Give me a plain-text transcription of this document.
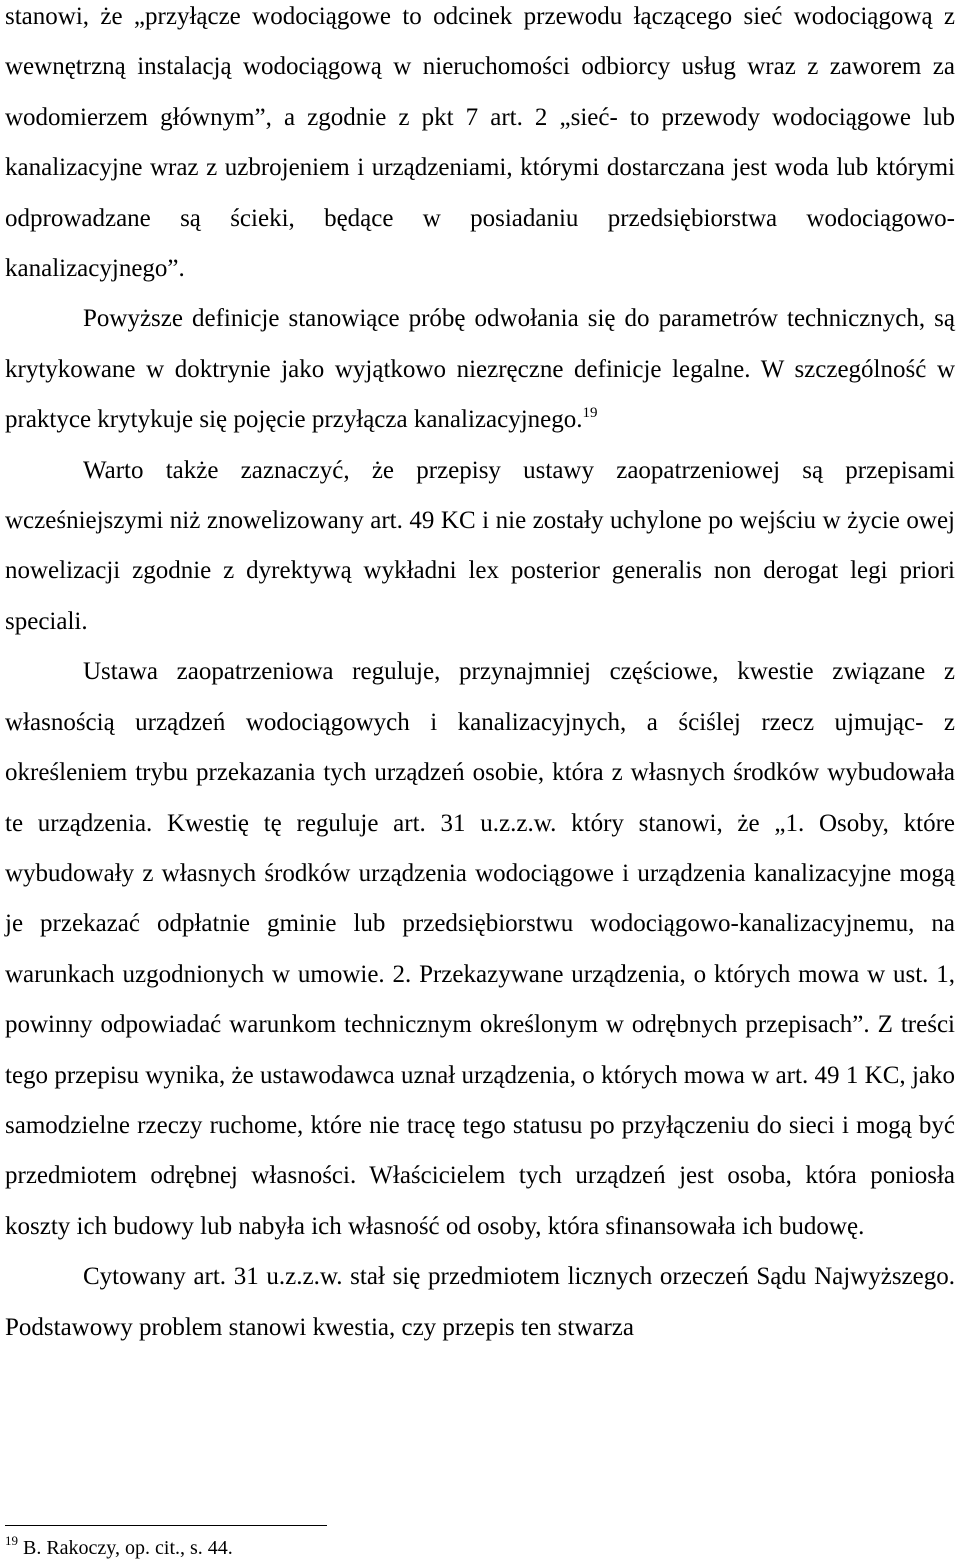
stanowi, że „przyłącze wodociągowe to odcinek przewodu łączącego sieć wodociągową z wewnętrzną instalacją wodociągową w nieruchomości odbiorcy usług wraz z zaworem za wodomierzem głównym”, a zgodnie z pkt 7 art. 2 „sieć- to przewody wodociągowe lub kanalizacyjne wraz z uzbrojeniem i urządzeniami, którymi dostarczana jest woda lub którymi odprowadzane są ścieki, będące w posiadaniu przedsiębiorstwa wodociągowo-kanalizacyjnego”.

Powyższe definicje stanowiące próbę odwołania się do parametrów technicznych, są krytykowane w doktrynie jako wyjątkowo niezręczne definicje legalne. W szczególność w praktyce krytykuje się pojęcie przyłącza kanalizacyjnego.$^{19}$

Warto także zaznaczyć, że przepisy ustawy zaopatrzeniowej są przepisami wcześniejszymi niż znowelizowany art. 49 KC i nie zostały uchylone po wejściu w życie owej nowelizacji zgodnie z dyrektywą wykładni lex posterior generalis non derogat legi priori speciali.

Ustawa zaopatrzeniowa reguluje, przynajmniej częściowe, kwestie związane z własnością urządzeń wodociągowych i kanalizacyjnych, a ściślej rzecz ujmując- z określeniem trybu przekazania tych urządzeń osobie, która z własnych środków wybudowała te urządzenia. Kwestię tę reguluje art. 31 u.z.z.w. który stanowi, że „1. Osoby, które wybudowały z własnych środków urządzenia wodociągowe i urządzenia kanalizacyjne mogą je przekazać odpłatnie gminie lub przedsiębiorstwu wodociągowo-kanalizacyjnemu, na warunkach uzgodnionych w umowie. 2. Przekazywane urządzenia, o których mowa w ust. 1, powinny odpowiadać warunkom technicznym określonym w odrębnych przepisach”. Z treści tego przepisu wynika, że ustawodawca uznał urządzenia, o których mowa w art. 49 1 KC, jako samodzielne rzeczy ruchome, które nie tracę tego statusu po przyłączeniu do sieci i mogą być przedmiotem odrębnej własności. Właścicielem tych urządzeń jest osoba, która poniosła koszty ich budowy lub nabyła ich własność od osoby, która sfinansowała ich budowę.

Cytowany art. 31 u.z.z.w. stał się przedmiotem licznych orzeczeń Sądu Najwyższego. Podstawowy problem stanowi kwestia, czy przepis ten stwarza

$^{19}$ B. Rakoczy, op. cit., s. 44.
